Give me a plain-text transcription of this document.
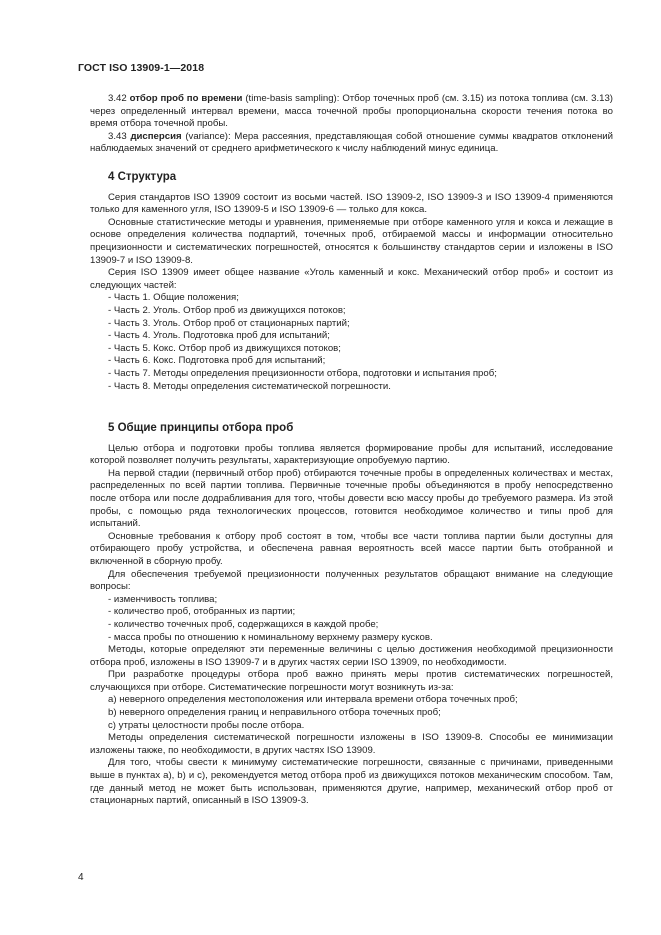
ГОСТ ISO 13909-1—2018

3.42 отбор проб по времени (time-basis sampling): Отбор точечных проб (см. 3.15) из потока топлива (см. 3.13) через определенный интервал времени, масса точечной пробы пропорциональна скорости течения потока во время отбора точечной пробы.

3.43 дисперсия (variance): Мера рассеяния, представляющая собой отношение суммы квадратов отклонений наблюдаемых значений от среднего арифметического к числу наблюдений минус единица.

4 Структура

Серия стандартов ISO 13909 состоит из восьми частей. ISO 13909-2, ISO 13909-3 и ISO 13909-4 применяются только для каменного угля, ISO 13909-5 и ISO 13909-6 — только для кокса.

Основные статистические методы и уравнения, применяемые при отборе каменного угля и кокса и лежащие в основе определения количества подпартий, точечных проб, отбираемой массы и информации относительно прецизионности и систематических погрешностей, относятся к большинству стандартов серии и изложены в ISO 13909-7 и ISO 13909-8.

Серия ISO 13909 имеет общее название «Уголь каменный и кокс. Механический отбор проб» и состоит из следующих частей:

- Часть 1. Общие положения;
- Часть 2. Уголь. Отбор проб из движущихся потоков;
- Часть 3. Уголь. Отбор проб от стационарных партий;
- Часть 4. Уголь. Подготовка проб для испытаний;
- Часть 5. Кокс. Отбор проб из движущихся потоков;
- Часть 6. Кокс. Подготовка проб для испытаний;
- Часть 7. Методы определения прецизионности отбора, подготовки и испытания проб;
- Часть 8. Методы определения систематической погрешности.
5 Общие принципы отбора проб

Целью отбора и подготовки пробы топлива является формирование пробы для испытаний, исследование которой позволяет получить результаты, характеризующие опробуемую партию.

На первой стадии (первичный отбор проб) отбираются точечные пробы в определенных количествах и местах, распределенных по всей партии топлива. Первичные точечные пробы объединяются в пробу непосредственно после отбора или после додрабливания для того, чтобы довести всю массу пробы до требуемого размера. Из этой пробы, с помощью ряда технологических процессов, готовится необходимое количество и типы проб для испытаний.

Основные требования к отбору проб состоят в том, чтобы все части топлива партии были доступны для отбирающего пробу устройства, и обеспечена равная вероятность всей массе партии быть отобранной и включенной в сборную пробу.

Для обеспечения требуемой прецизионности полученных результатов обращают внимание на следующие вопросы:

- изменчивость топлива;
- количество проб, отобранных из партии;
- количество точечных проб, содержащихся в каждой пробе;
- масса пробы по отношению к номинальному верхнему размеру кусков.

Методы, которые определяют эти переменные величины с целью достижения необходимой прецизионности отбора проб, изложены в ISO 13909-7 и в других частях серии ISO 13909, по необходимости.

При разработке процедуры отбора проб важно принять меры против систематических погрешностей, случающихся при отборе. Систематические погрешности могут возникнуть из-за:

a) неверного определения местоположения или интервала времени отбора точечных проб;
b) неверного определения границ и неправильного отбора точечных проб;
c) утраты целостности пробы после отбора.

Методы определения систематической погрешности изложены в ISO 13909-8. Способы ее минимизации изложены также, по необходимости, в других частях ISO 13909.

Для того, чтобы свести к минимуму систематические погрешности, связанные с причинами, приведенными выше в пунктах a), b) и c), рекомендуется метод отбора проб из движущихся потоков механическим способом. Там, где данный метод не может быть использован, применяются другие, например, механический отбор проб от стационарных партий, описанный в ISO 13909-3.

4
